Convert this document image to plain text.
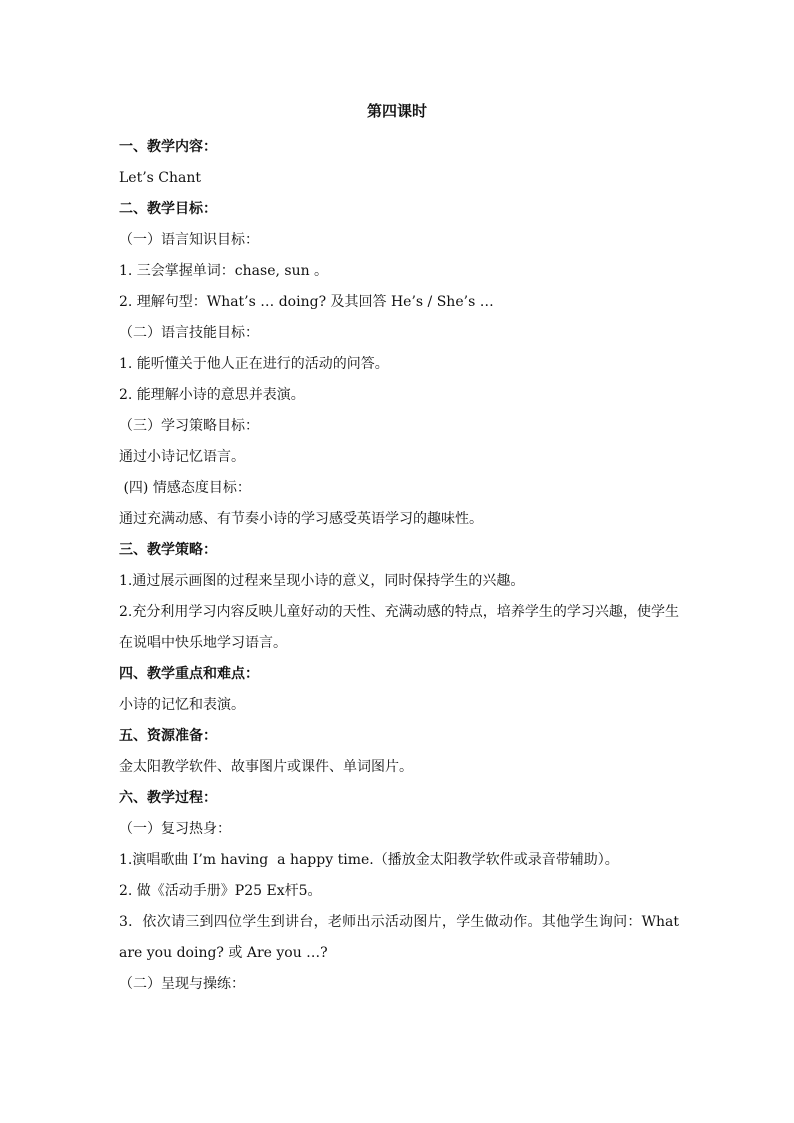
第四课时
一、教学内容：
Let’s Chant
二、教学目标：
（一）语言知识目标：
1. 三会掌握单词：chase, sun 。
2. 理解句型：What’s … doing? 及其回答 He’s / She’s …
（二）语言技能目标：
1. 能听懂关于他人正在进行的活动的问答。
2. 能理解小诗的意思并表演。
（三）学习策略目标：
通过小诗记忆语言。
(四) 情感态度目标：
通过充满动感、有节奏小诗的学习感受英语学习的趣味性。
三、教学策略：
1.通过展示画图的过程来呈现小诗的意义，同时保持学生的兴趣。
2.充分利用学习内容反映儿童好动的天性、充满动感的特点，培养学生的学习兴趣，使学生在说唱中快乐地学习语言。
四、教学重点和难点：
小诗的记忆和表演。
五、资源准备：
金太阳教学软件、故事图片或课件、单词图片。
六、教学过程：
（一）复习热身：
1.演唱歌曲 I’m having  a happy time.（播放金太阳教学软件或录音带辅助）。
2. 做《活动手册》P25 Ex杆5。
3．依次请三到四位学生到讲台，老师出示活动图片，学生做动作。其他学生询问：What are you doing? 或 Are you …?
（二）呈现与操练：
